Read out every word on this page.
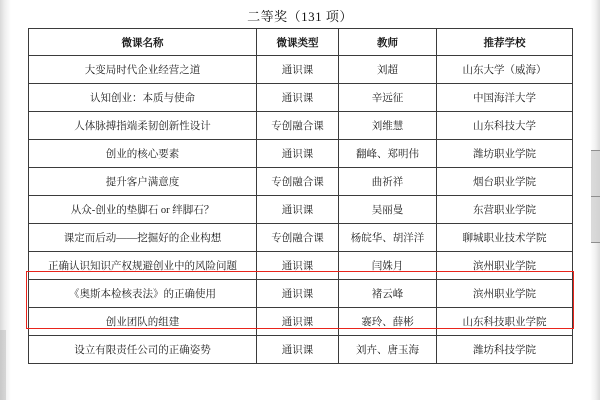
二等奖（131 项）
微课名称	微课类型	教师	推荐学校
大变局时代企业经营之道	通识课	刘超	山东大学（威海）
认知创业：本质与使命	通识课	辛远征	中国海洋大学
人体脉搏指端柔韧创新性设计	专创融合课	刘维慧	山东科技大学
创业的核心要素	通识课	翻峰、郑明伟	潍坊职业学院
提升客户满意度	专创融合课	曲祈祥	烟台职业学院
从众-创业的垫脚石 or 绊脚石？	通识课	吴丽曼	东营职业学院
课定而后动——挖掘好的企业构想	专创融合课	杨皖华、胡洋洋	聊城职业技术学院
正确认识知识产权规避创业中的风险问题	通识课	闫姝月	滨州职业学院
《奥斯本检核表法》的正确使用	通识课	褚云峰	滨州职业学院
创业团队的组建	通识课	褰玲、薛彬	山东科技职业学院
设立有限责任公司的正确姿势	通识课	刘卉、唐玉海	潍坊科技学院
